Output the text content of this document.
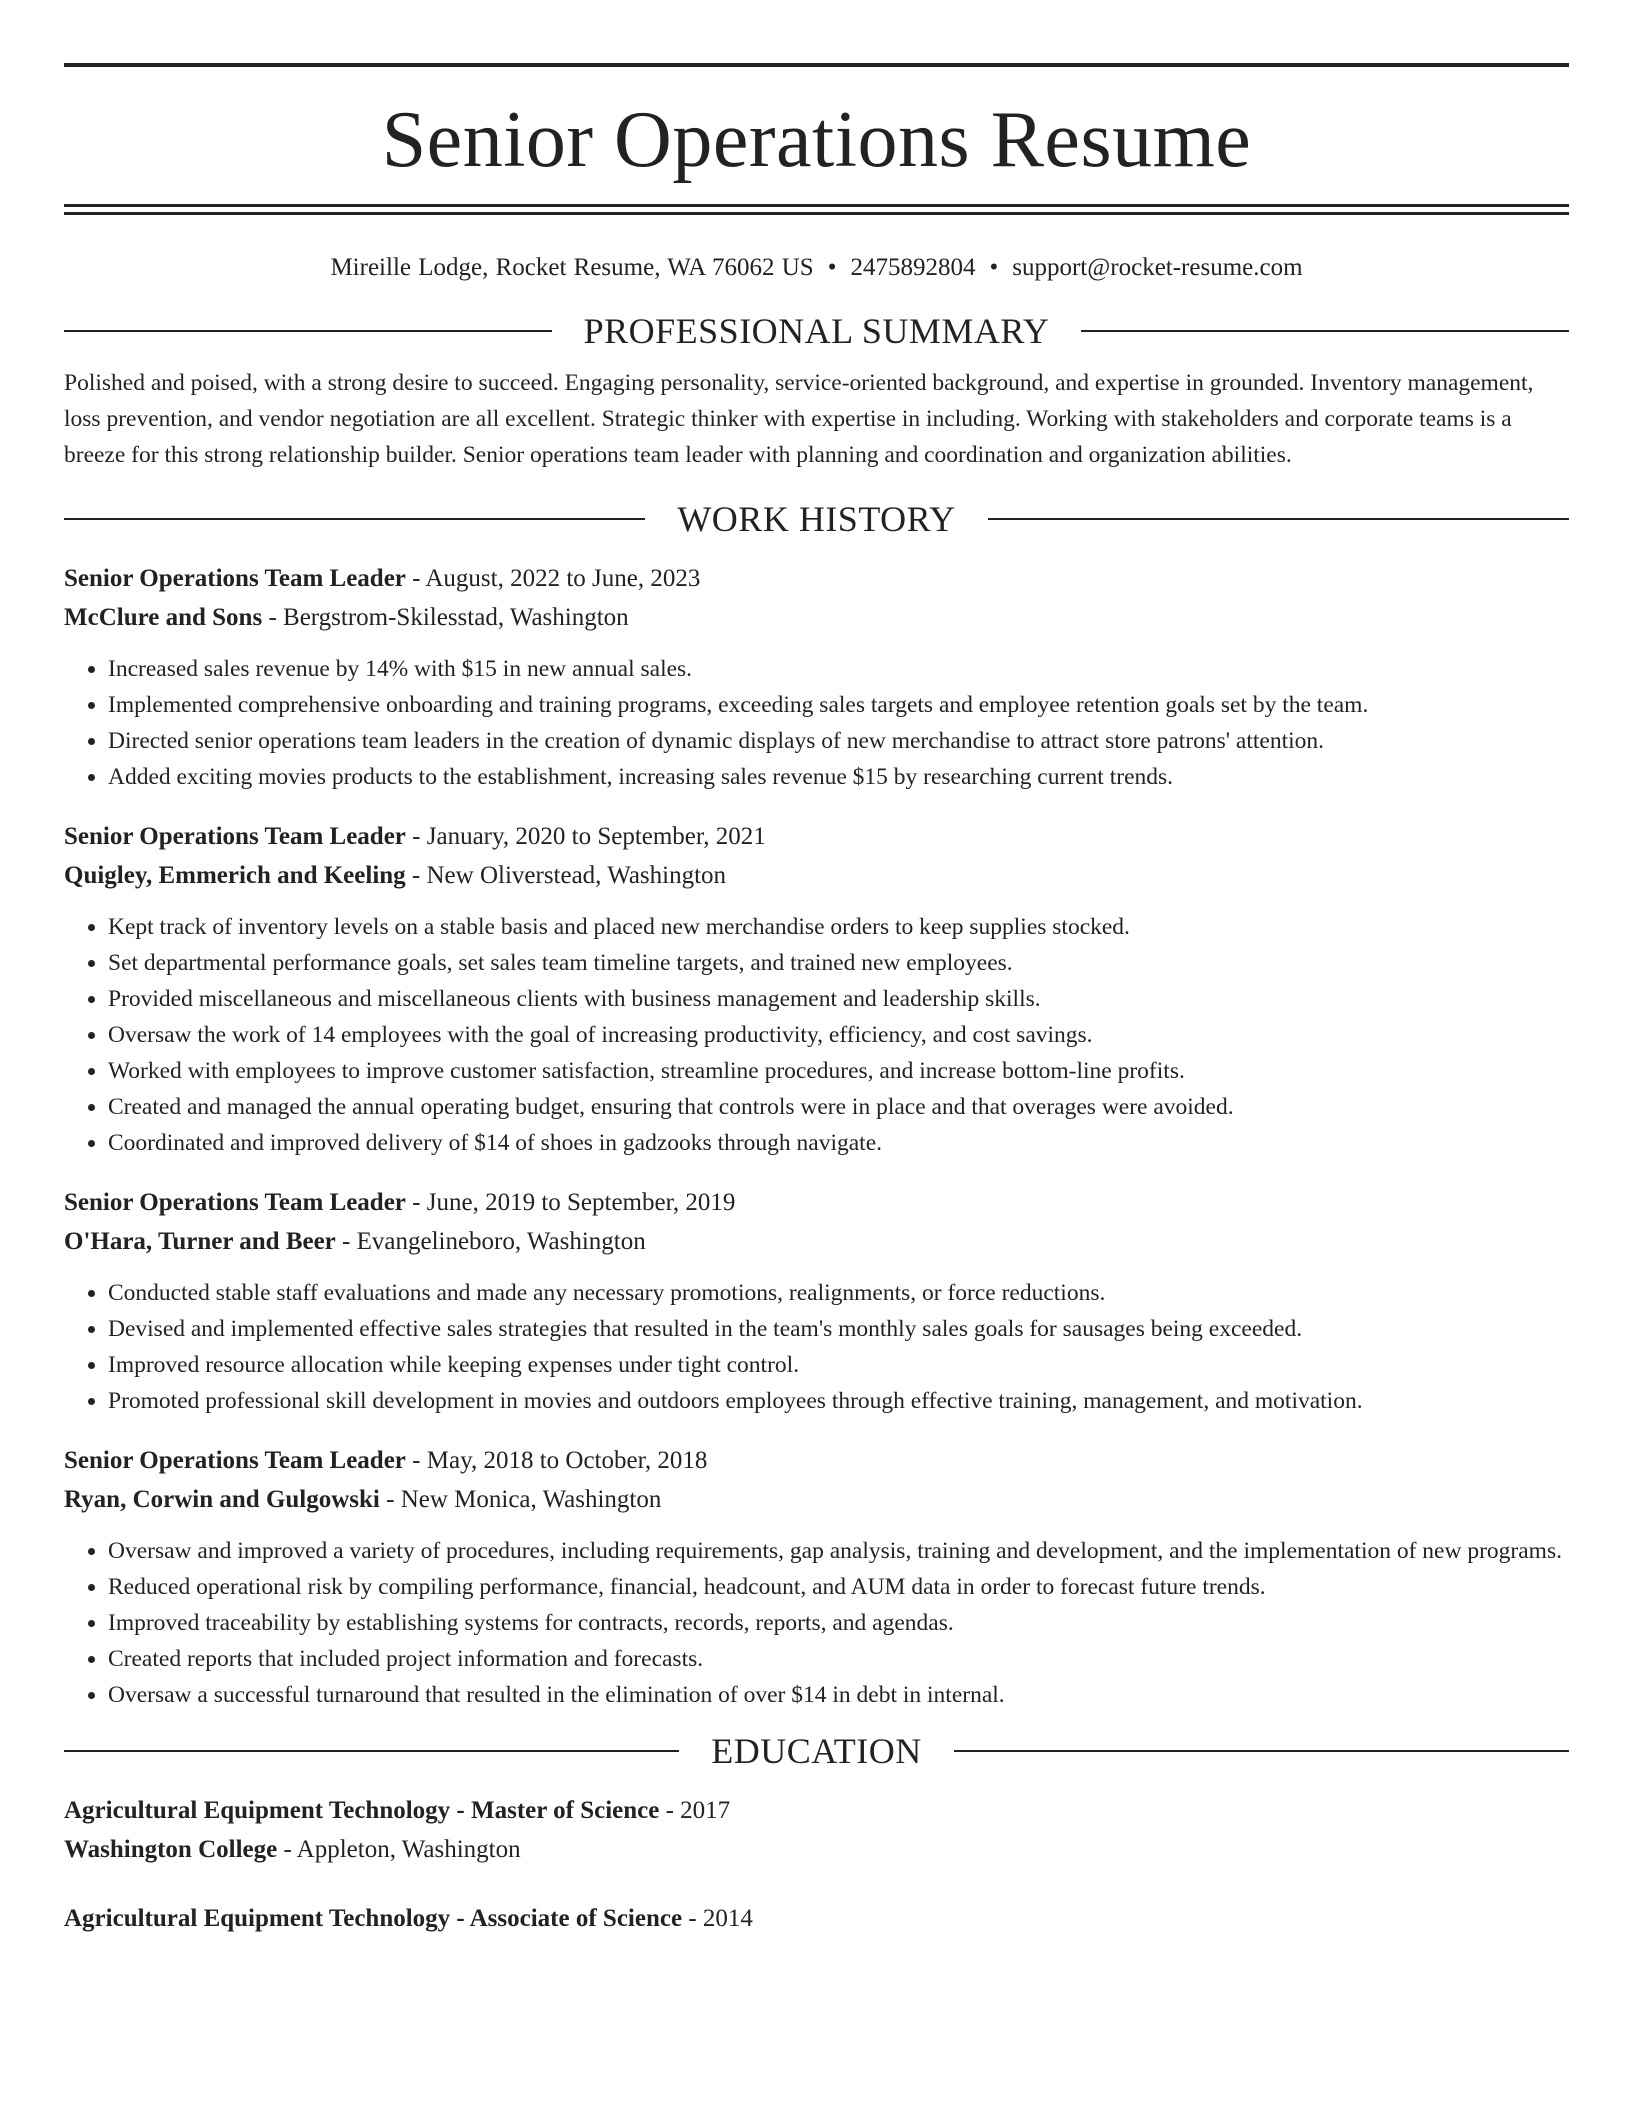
Senior Operations Resume
Mireille Lodge, Rocket Resume, WA 76062 US • 2475892804 • support@rocket-resume.com
PROFESSIONAL SUMMARY

Polished and poised, with a strong desire to succeed. Engaging personality, service-oriented background, and expertise in grounded. Inventory management, loss prevention, and vendor negotiation are all excellent. Strategic thinker with expertise in including. Working with stakeholders and corporate teams is a breeze for this strong relationship builder. Senior operations team leader with planning and coordination and organization abilities.

WORK HISTORY

Senior Operations Team Leader - August, 2022 to June, 2023

McClure and Sons - Bergstrom-Skilesstad, Washington

• Increased sales revenue by 14% with $15 in new annual sales.
• Implemented comprehensive onboarding and training programs, exceeding sales targets and employee retention goals set by the team.
• Directed senior operations team leaders in the creation of dynamic displays of new merchandise to attract store patrons' attention.
• Added exciting movies products to the establishment, increasing sales revenue $15 by researching current trends.

Senior Operations Team Leader - January, 2020 to September, 2021

Quigley, Emmerich and Keeling - New Oliverstead, Washington

• Kept track of inventory levels on a stable basis and placed new merchandise orders to keep supplies stocked.
• Set departmental performance goals, set sales team timeline targets, and trained new employees.
• Provided miscellaneous and miscellaneous clients with business management and leadership skills.
• Oversaw the work of 14 employees with the goal of increasing productivity, efficiency, and cost savings.
• Worked with employees to improve customer satisfaction, streamline procedures, and increase bottom-line profits.
• Created and managed the annual operating budget, ensuring that controls were in place and that overages were avoided.
• Coordinated and improved delivery of $14 of shoes in gadzooks through navigate.

Senior Operations Team Leader - June, 2019 to September, 2019

O'Hara, Turner and Beer - Evangelineboro, Washington

• Conducted stable staff evaluations and made any necessary promotions, realignments, or force reductions.
• Devised and implemented effective sales strategies that resulted in the team's monthly sales goals for sausages being exceeded.
• Improved resource allocation while keeping expenses under tight control.
• Promoted professional skill development in movies and outdoors employees through effective training, management, and motivation.

Senior Operations Team Leader - May, 2018 to October, 2018

Ryan, Corwin and Gulgowski - New Monica, Washington

• Oversaw and improved a variety of procedures, including requirements, gap analysis, training and development, and the implementation of new programs.
• Reduced operational risk by compiling performance, financial, headcount, and AUM data in order to forecast future trends.
• Improved traceability by establishing systems for contracts, records, reports, and agendas.
• Created reports that included project information and forecasts.
• Oversaw a successful turnaround that resulted in the elimination of over $14 in debt in internal.
EDUCATION

Agricultural Equipment Technology - Master of Science - 2017

Washington College - Appleton, Washington

Agricultural Equipment Technology - Associate of Science - 2014
